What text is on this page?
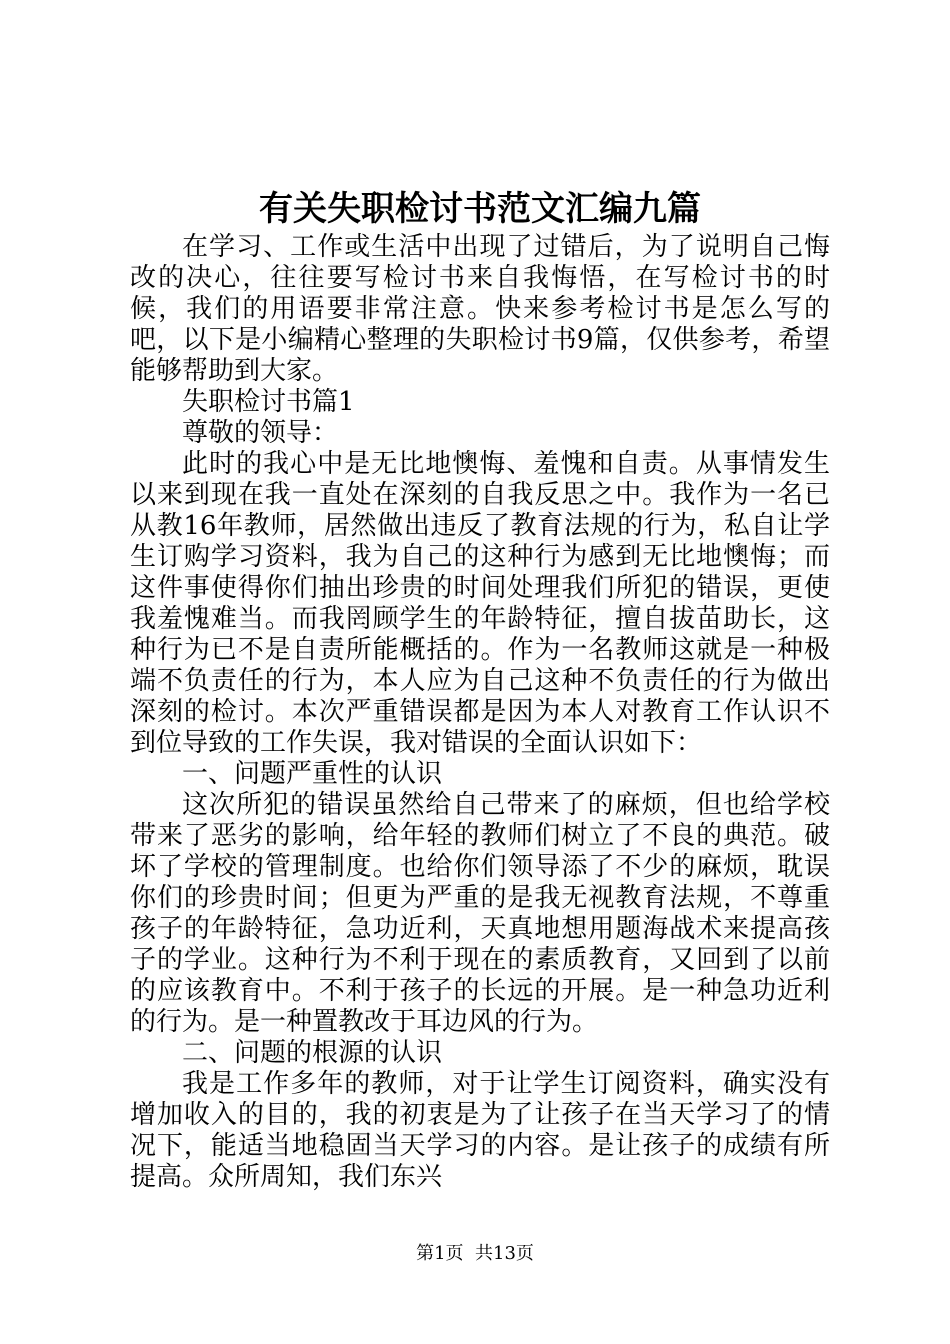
有关失职检讨书范文汇编九篇

在学习、工作或生活中出现了过错后，为了说明自己悔改的决心，往往要写检讨书来自我悔悟，在写检讨书的时候，我们的用语要非常注意。快来参考检讨书是怎么写的吧，以下是小编精心整理的失职检讨书9篇，仅供参考，希望能够帮助到大家。

失职检讨书篇1

尊敬的领导：

此时的我心中是无比地懊悔、羞愧和自责。从事情发生以来到现在我一直处在深刻的自我反思之中。我作为一名已从教16年教师，居然做出违反了教育法规的行为，私自让学生订购学习资料，我为自己的这种行为感到无比地懊悔；而这件事使得你们抽出珍贵的时间处理我们所犯的错误，更使我羞愧难当。而我罔顾学生的年龄特征，擅自拔苗助长，这种行为已不是自责所能概括的。作为一名教师这就是一种极端不负责任的行为，本人应为自己这种不负责任的行为做出深刻的检讨。本次严重错误都是因为本人对教育工作认识不到位导致的工作失误，我对错误的全面认识如下：

一、问题严重性的认识

这次所犯的错误虽然给自己带来了的麻烦，但也给学校带来了恶劣的影响，给年轻的教师们树立了不良的典范。破坏了学校的管理制度。也给你们领导添了不少的麻烦，耽误你们的珍贵时间；但更为严重的是我无视教育法规，不尊重孩子的年龄特征，急功近利，天真地想用题海战术来提高孩子的学业。这种行为不利于现在的素质教育，又回到了以前的应该教育中。不利于孩子的长远的开展。是一种急功近利的行为。是一种置教改于耳边风的行为。

二、问题的根源的认识

我是工作多年的教师，对于让学生订阅资料，确实没有增加收入的目的，我的初衷是为了让孩子在当天学习了的情况下，能适当地稳固当天学习的内容。是让孩子的成绩有所提高。众所周知，我们东兴

第1页 共13页
